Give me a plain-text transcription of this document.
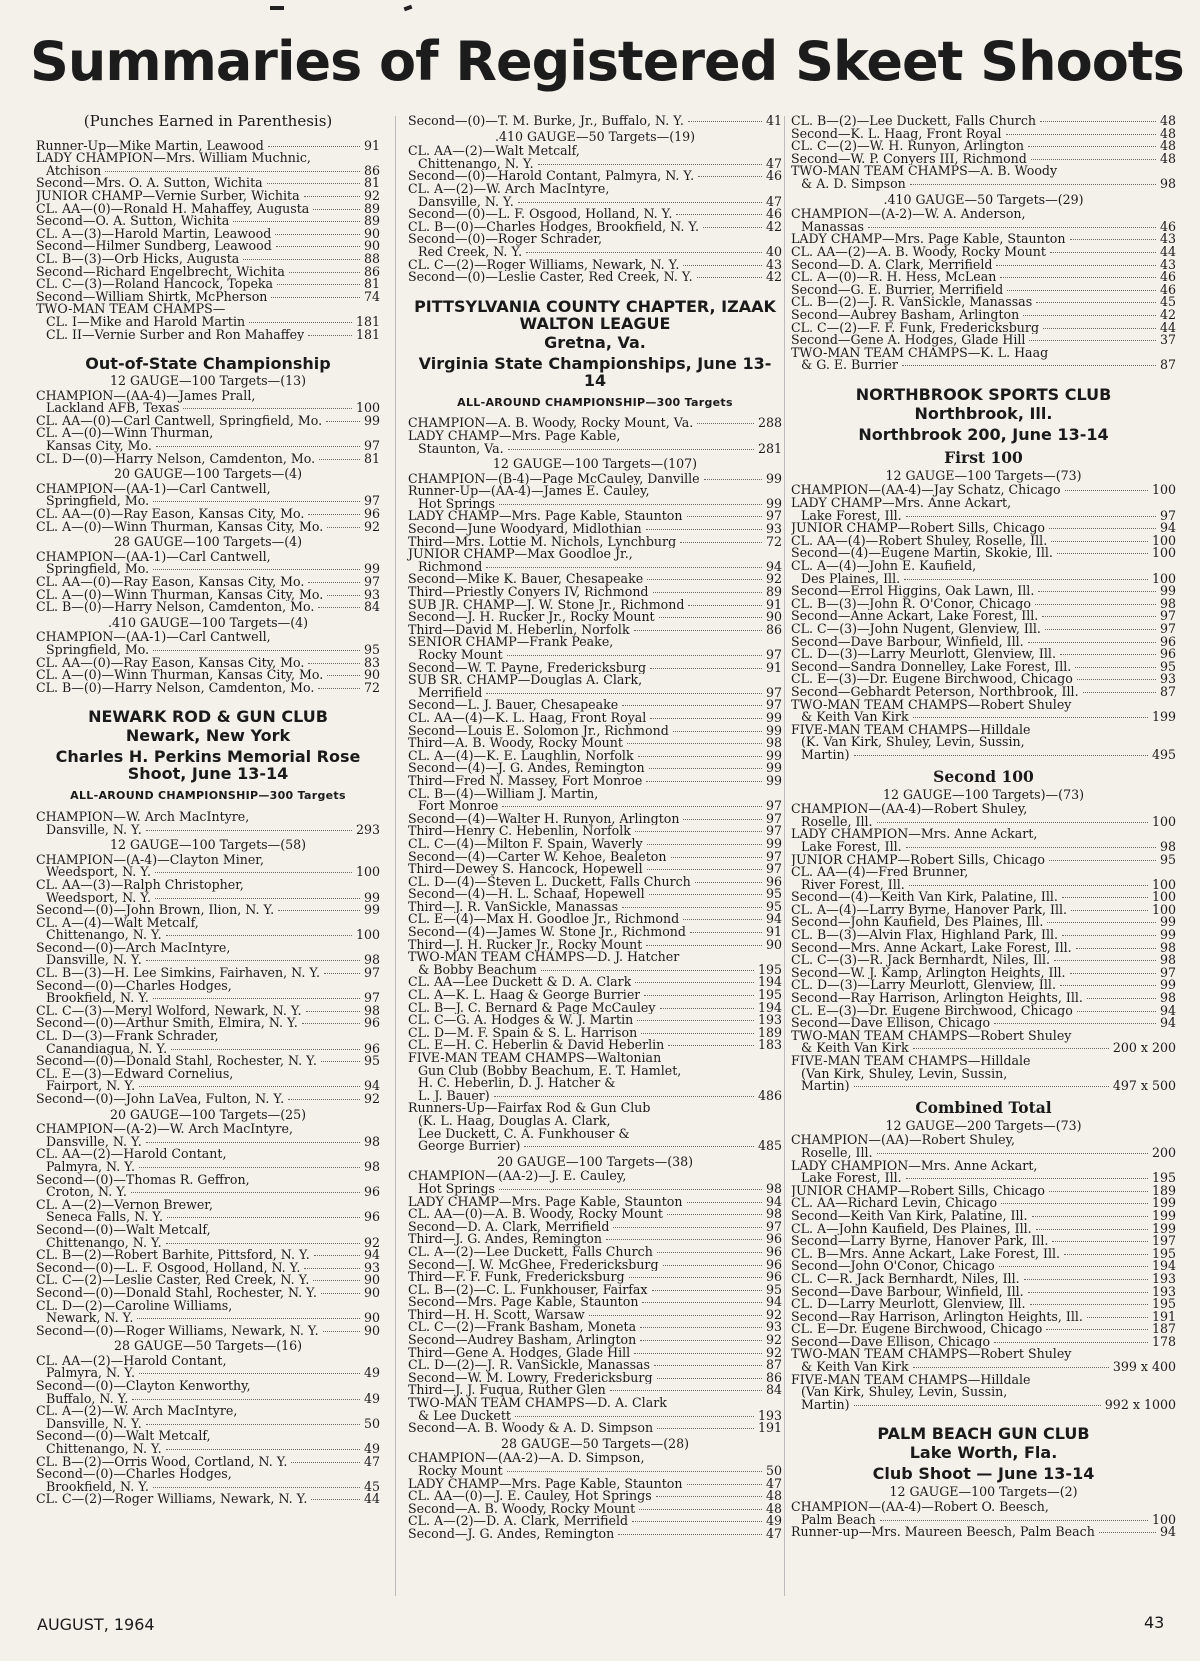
Summaries of Registered Skeet Shoots
(Punches Earned in Parenthesis)
Runner-Up—Mike Martin, Leawood	91
LADY CHAMPION—Mrs. William Muchnic,
Atchison	86
Second—Mrs. O. A. Sutton, Wichita	81
JUNIOR CHAMP—Vernie Surber, Wichita	92
CL. AA—(0)—Ronald H. Mahaffey, Augusta	89
Second—O. A. Sutton, Wichita	89
CL. A—(3)—Harold Martin, Leawood	90
Second—Hilmer Sundberg, Leawood	90
CL. B—(3)—Orb Hicks, Augusta	88
Second—Richard Engelbrecht, Wichita	86
CL. C—(3)—Roland Hancock, Topeka	81
Second—William Shirtk, McPherson	74
TWO-MAN TEAM CHAMPS—
CL. I—Mike and Harold Martin	181
CL. II—Vernie Surber and Ron Mahaffey	181
Out-of-State Championship
12 GAUGE—100 Targets—(13)
CHAMPION—(AA-4)—James Prall,
Lackland AFB, Texas	100
CL. AA—(0)—Carl Cantwell, Springfield, Mo.	99
CL. A—(0)—Winn Thurman,
Kansas City, Mo.	97
CL. D—(0)—Harry Nelson, Camdenton, Mo.	81
20 GAUGE—100 Targets—(4)
CHAMPION—(AA-1)—Carl Cantwell,
Springfield, Mo.	97
CL. AA—(0)—Ray Eason, Kansas City, Mo.	96
CL. A—(0)—Winn Thurman, Kansas City, Mo.	92
28 GAUGE—100 Targets—(4)
CHAMPION—(AA-1)—Carl Cantwell,
Springfield, Mo.	99
CL. AA—(0)—Ray Eason, Kansas City, Mo.	97
CL. A—(0)—Winn Thurman, Kansas City, Mo.	93
CL. B—(0)—Harry Nelson, Camdenton, Mo.	84
.410 GAUGE—100 Targets—(4)
CHAMPION—(AA-1)—Carl Cantwell,
Springfield, Mo.	95
CL. AA—(0)—Ray Eason, Kansas City, Mo.	83
CL. A—(0)—Winn Thurman, Kansas City, Mo.	90
CL. B—(0)—Harry Nelson, Camdenton, Mo.	72
NEWARK ROD & GUN CLUB
Newark, New York
Charles H. Perkins Memorial Rose Shoot, June 13-14
ALL-AROUND CHAMPIONSHIP—300 Targets
CHAMPION—W. Arch MacIntyre,
Dansville, N. Y.	293
12 GAUGE—100 Targets—(58)
CHAMPION—(A-4)—Clayton Miner,
Weedsport, N. Y.	100
CL. AA—(3)—Ralph Christopher,
Weedsport, N. Y.	99
Second—(0)—John Brown, Ilion, N. Y.	99
CL. A—(4)—Walt Metcalf,
Chittenango, N. Y.	100
Second—(0)—Arch MacIntyre,
Dansville, N. Y.	98
CL. B—(3)—H. Lee Simkins, Fairhaven, N. Y.	97
Second—(0)—Charles Hodges,
Brookfield, N. Y.	97
CL. C—(3)—Meryl Wolford, Newark, N. Y.	98
Second—(0)—Arthur Smith, Elmira, N. Y.	96
CL. D—(3)—Frank Schrader,
Canandiagua, N. Y.	96
Second—(0)—Donald Stahl, Rochester, N. Y.	95
CL. E—(3)—Edward Cornelius,
Fairport, N. Y.	94
Second—(0)—John LaVea, Fulton, N. Y.	92
20 GAUGE—100 Targets—(25)
CHAMPION—(A-2)—W. Arch MacIntyre,
Dansville, N. Y.	98
CL. AA—(2)—Harold Contant,
Palmyra, N. Y.	98
Second—(0)—Thomas R. Geffron,
Croton, N. Y.	96
CL. A—(2)—Vernon Brewer,
Seneca Falls, N. Y.	96
Second—(0)—Walt Metcalf,
Chittenango, N. Y.	92
CL. B—(2)—Robert Barhite, Pittsford, N. Y.	94
Second—(0)—L. F. Osgood, Holland, N. Y.	93
CL. C—(2)—Leslie Caster, Red Creek, N. Y.	90
Second—(0)—Donald Stahl, Rochester, N. Y.	90
CL. D—(2)—Caroline Williams,
Newark, N. Y.	90
Second—(0)—Roger Williams, Newark, N. Y.	90
28 GAUGE—50 Targets—(16)
CL. AA—(2)—Harold Contant,
Palmyra, N. Y.	49
Second—(0)—Clayton Kenworthy,
Buffalo, N. Y.	49
CL. A—(2)—W. Arch MacIntyre,
Dansville, N. Y.	50
Second—(0)—Walt Metcalf,
Chittenango, N. Y.	49
CL. B—(2)—Orris Wood, Cortland, N. Y.	47
Second—(0)—Charles Hodges,
Brookfield, N. Y.	45
CL. C—(2)—Roger Williams, Newark, N. Y.	44
Second—(0)—T. M. Burke, Jr., Buffalo, N. Y.	41
.410 GAUGE—50 Targets—(19)
CL. AA—(2)—Walt Metcalf,
Chittenango, N. Y.	47
Second—(0)—Harold Contant, Palmyra, N. Y.	46
CL. A—(2)—W. Arch MacIntyre,
Dansville, N. Y.	47
Second—(0)—L. F. Osgood, Holland, N. Y.	46
CL. B—(0)—Charles Hodges, Brookfield, N. Y.	42
Second—(0)—Roger Schrader,
Red Creek, N. Y.	40
CL. C—(2)—Roger Williams, Newark, N. Y.	43
Second—(0)—Leslie Caster, Red Creek, N. Y.	42
PITTSYLVANIA COUNTY CHAPTER, IZAAK WALTON LEAGUE
Gretna, Va.
Virginia State Championships, June 13-14
ALL-AROUND CHAMPIONSHIP—300 Targets
CHAMPION—A. B. Woody, Rocky Mount, Va.	288
LADY CHAMP—Mrs. Page Kable,
Staunton, Va.	281
12 GAUGE—100 Targets—(107)
CHAMPION—(B-4)—Page McCauley, Danville	99
Runner-Up—(AA-4)—James E. Cauley,
Hot Springs	99
LADY CHAMP—Mrs. Page Kable, Staunton	97
Second—June Woodyard, Midlothian	93
Third—Mrs. Lottie M. Nichols, Lynchburg	72
JUNIOR CHAMP—Max Goodloe Jr.,
Richmond	94
Second—Mike K. Bauer, Chesapeake	92
Third—Priestly Conyers IV, Richmond	89
SUB JR. CHAMP—J. W. Stone Jr., Richmond	91
Second—J. H. Rucker Jr., Rocky Mount	90
Third—David M. Heberlin, Norfolk	86
SENIOR CHAMP—Frank Peake,
Rocky Mount	97
Second—W. T. Payne, Fredericksburg	91
SUB SR. CHAMP—Douglas A. Clark,
Merrifield	97
Second—L. J. Bauer, Chesapeake	97
CL. AA—(4)—K. L. Haag, Front Royal	99
Second—Louis E. Solomon Jr., Richmond	99
Third—A. B. Woody, Rocky Mount	98
CL. A—(4)—K. E. Laughlin, Norfolk	99
Second—(4)—J. G. Andes, Remington	99
Third—Fred N. Massey, Fort Monroe	99
CL. B—(4)—William J. Martin,
Fort Monroe	97
Second—(4)—Walter H. Runyon, Arlington	97
Third—Henry C. Hebenlin, Norfolk	97
CL. C—(4)—Milton F. Spain, Waverly	99
Second—(4)—Carter W. Kehoe, Bealeton	97
Third—Dewey S. Hancock, Hopewell	97
CL. D—(4)—Steven L. Duckett, Falls Church	96
Second—(4)—H. L. Schaaf, Hopewell	95
Third—J. R. VanSickle, Manassas	95
CL. E—(4)—Max H. Goodloe Jr., Richmond	94
Second—(4)—James W. Stone Jr., Richmond	91
Third—J. H. Rucker Jr., Rocky Mount	90
TWO-MAN TEAM CHAMPS—D. J. Hatcher
& Bobby Beachum	195
CL. AA—Lee Duckett & D. A. Clark	194
CL. A—K. L. Haag & George Burrier	195
CL. B—J. C. Bernard & Page McCauley	194
CL. C—G. A. Hodges & W. J. Martin	193
CL. D—M. F. Spain & S. L. Harrison	189
CL. E—H. C. Heberlin & David Heberlin	183
FIVE-MAN TEAM CHAMPS—Waltonian
Gun Club (Bobby Beachum, E. T. Hamlet,
H. C. Heberlin, D. J. Hatcher &
L. J. Bauer)	486
Runners-Up—Fairfax Rod & Gun Club
(K. L. Haag, Douglas A. Clark,
Lee Duckett, C. A. Funkhouser &
George Burrier)	485
20 GAUGE—100 Targets—(38)
CHAMPION—(AA-2)—J. E. Cauley,
Hot Springs	98
LADY CHAMP—Mrs. Page Kable, Staunton	94
CL. AA—(0)—A. B. Woody, Rocky Mount	98
Second—D. A. Clark, Merrifield	97
Third—J. G. Andes, Remington	96
CL. A—(2)—Lee Duckett, Falls Church	96
Second—J. W. McGhee, Fredericksburg	96
Third—F. F. Funk, Fredericksburg	96
CL. B—(2)—C. L. Funkhouser, Fairfax	95
Second—Mrs. Page Kable, Staunton	94
Third—H. H. Scott, Warsaw	92
CL. C—(2)—Frank Basham, Moneta	93
Second—Audrey Basham, Arlington	92
Third—Gene A. Hodges, Glade Hill	92
CL. D—(2)—J. R. VanSickle, Manassas	87
Second—W. M. Lowry, Fredericksburg	86
Third—J. J. Fuqua, Ruther Glen	84
TWO-MAN TEAM CHAMPS—D. A. Clark
& Lee Duckett	193
Second—A. B. Woody & A. D. Simpson	191
28 GAUGE—50 Targets—(28)
CHAMPION—(AA-2)—A. D. Simpson,
Rocky Mount	50
LADY CHAMP—Mrs. Page Kable, Staunton	47
CL. AA—(0)—J. E. Cauley, Hot Springs	48
Second—A. B. Woody, Rocky Mount	48
CL. A—(2)—D. A. Clark, Merrifield	49
Second—J. G. Andes, Remington	47
CL. B—(2)—Lee Duckett, Falls Church	48
Second—K. L. Haag, Front Royal	48
CL. C—(2)—W. H. Runyon, Arlington	48
Second—W. P. Conyers III, Richmond	48
TWO-MAN TEAM CHAMPS—A. B. Woody
& A. D. Simpson	98
.410 GAUGE—50 Targets—(29)
CHAMPION—(A-2)—W. A. Anderson,
Manassas	46
LADY CHAMP—Mrs. Page Kable, Staunton	43
CL. AA—(2)—A. B. Woody, Rocky Mount	44
Second—D. A. Clark, Merrifield	43
CL. A—(0)—R. H. Hess, McLean	46
Second—G. E. Burrier, Merrifield	46
CL. B—(2)—J. R. VanSickle, Manassas	45
Second—Aubrey Basham, Arlington	42
CL. C—(2)—F. F. Funk, Fredericksburg	44
Second—Gene A. Hodges, Glade Hill	37
TWO-MAN TEAM CHAMPS—K. L. Haag
& G. E. Burrier	87
NORTHBROOK SPORTS CLUB
Northbrook, Ill.
Northbrook 200, June 13-14
First 100
12 GAUGE—100 Targets—(73)
CHAMPION—(AA-4)—Jay Schatz, Chicago	100
LADY CHAMP—Mrs. Anne Ackart,
Lake Forest, Ill.	97
JUNIOR CHAMP—Robert Sills, Chicago	94
CL. AA—(4)—Robert Shuley, Roselle, Ill.	100
Second—(4)—Eugene Martin, Skokie, Ill.	100
CL. A—(4)—John E. Kaufield,
Des Plaines, Ill.	100
Second—Errol Higgins, Oak Lawn, Ill.	99
CL. B—(3)—John R. O'Conor, Chicago	98
Second—Anne Ackart, Lake Forest, Ill.	97
CL. C—(3)—John Nugent, Glenview, Ill.	97
Second—Dave Barbour, Winfield, Ill.	96
CL. D—(3)—Larry Meurlott, Glenview, Ill.	96
Second—Sandra Donnelley, Lake Forest, Ill.	95
CL. E—(3)—Dr. Eugene Birchwood, Chicago	93
Second—Gebhardt Peterson, Northbrook, Ill.	87
TWO-MAN TEAM CHAMPS—Robert Shuley
& Keith Van Kirk	199
FIVE-MAN TEAM CHAMPS—Hilldale
(K. Van Kirk, Shuley, Levin, Sussin,
Martin)	495
Second 100
12 GAUGE—100 Targets)—(73)
CHAMPION—(AA-4)—Robert Shuley,
Roselle, Ill.	100
LADY CHAMPION—Mrs. Anne Ackart,
Lake Forest, Ill.	98
JUNIOR CHAMP—Robert Sills, Chicago	95
CL. AA—(4)—Fred Brunner,
River Forest, Ill.	100
Second—(4)—Keith Van Kirk, Palatine, Ill.	100
CL. A—(4)—Larry Byrne, Hanover Park, Ill.	100
Second—John Kaufield, Des Plaines, Ill.	99
CL. B—(3)—Alvin Flax, Highland Park, Ill.	99
Second—Mrs. Anne Ackart, Lake Forest, Ill.	98
CL. C—(3)—R. Jack Bernhardt, Niles, Ill.	98
Second—W. J. Kamp, Arlington Heights, Ill.	97
CL. D—(3)—Larry Meurlott, Glenview, Ill.	99
Second—Ray Harrison, Arlington Heights, Ill.	98
CL. E—(3)—Dr. Eugene Birchwood, Chicago	94
Second—Dave Ellison, Chicago	94
TWO-MAN TEAM CHAMPS—Robert Shuley
& Keith Van Kirk	200 x 200
FIVE-MAN TEAM CHAMPS—Hilldale
(Van Kirk, Shuley, Levin, Sussin,
Martin)	497 x 500
Combined Total
12 GAUGE—200 Targets—(73)
CHAMPION—(AA)—Robert Shuley,
Roselle, Ill.	200
LADY CHAMPION—Mrs. Anne Ackart,
Lake Forest, Ill.	195
JUNIOR CHAMP—Robert Sills, Chicago	189
CL. AA—Richard Levin, Chicago	199
Second—Keith Van Kirk, Palatine, Ill.	199
CL. A—John Kaufield, Des Plaines, Ill.	199
Second—Larry Byrne, Hanover Park, Ill.	197
CL. B—Mrs. Anne Ackart, Lake Forest, Ill.	195
Second—John O'Conor, Chicago	194
CL. C—R. Jack Bernhardt, Niles, Ill.	193
Second—Dave Barbour, Winfield, Ill.	193
CL. D—Larry Meurlott, Glenview, Ill.	195
Second—Ray Harrison, Arlington Heights, Ill.	191
CL. E—Dr. Eugene Birchwood, Chicago	187
Second—Dave Ellison, Chicago	178
TWO-MAN TEAM CHAMPS—Robert Shuley
& Keith Van Kirk	399 x 400
FIVE-MAN TEAM CHAMPS—Hilldale
(Van Kirk, Shuley, Levin, Sussin,
Martin)	992 x 1000
PALM BEACH GUN CLUB
Lake Worth, Fla.
Club Shoot — June 13-14
12 GAUGE—100 Targets—(2)
CHAMPION—(AA-4)—Robert O. Beesch,
Palm Beach	100
Runner-up—Mrs. Maureen Beesch, Palm Beach	94
AUGUST, 1964	43
